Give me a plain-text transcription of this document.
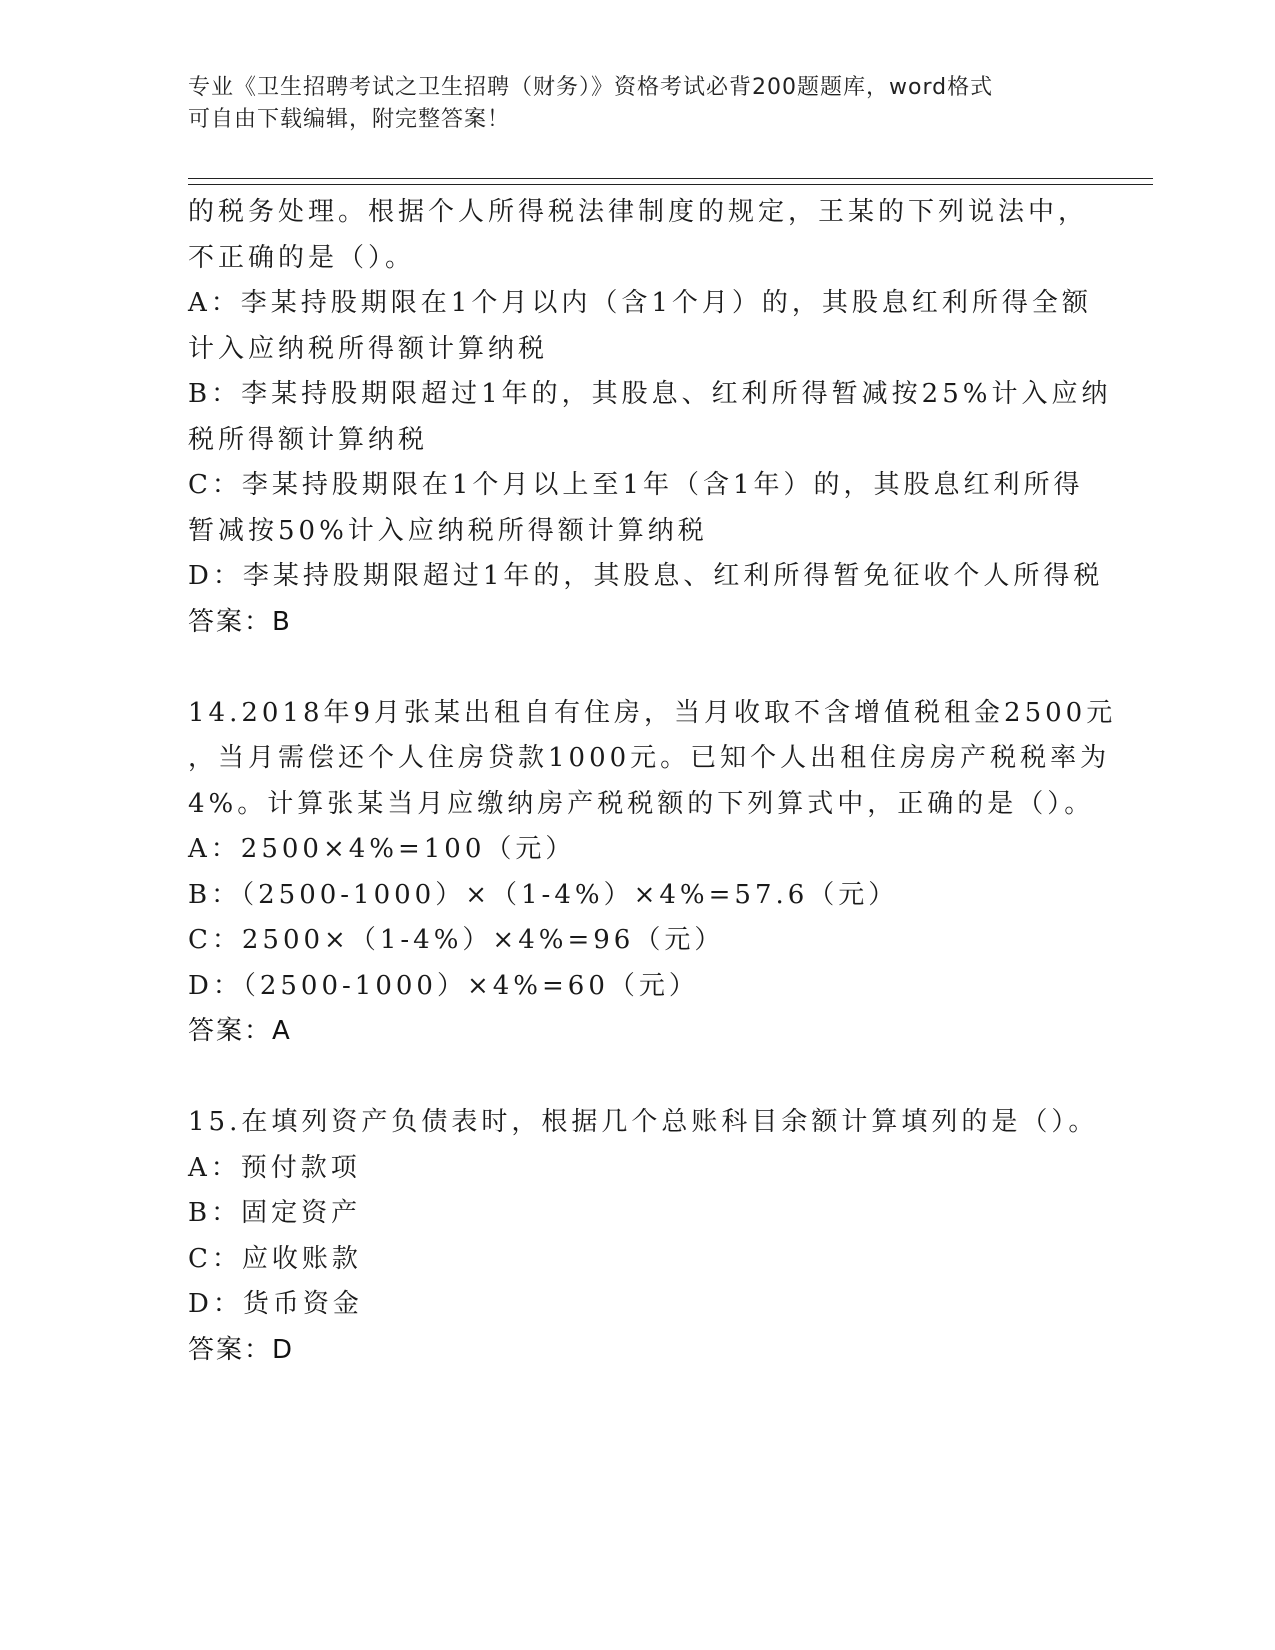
专业《卫生招聘考试之卫生招聘（财务）》资格考试必背200题题库，word格式
可自由下载编辑，附完整答案！
的税务处理。根据个人所得税法律制度的规定，王某的下列说法中，
不正确的是（）。
A：李某持股期限在1个月以内（含1个月）的，其股息红利所得全额
计入应纳税所得额计算纳税
B：李某持股期限超过1年的，其股息、红利所得暂减按25%计入应纳
税所得额计算纳税
C：李某持股期限在1个月以上至1年（含1年）的，其股息红利所得
暂减按50%计入应纳税所得额计算纳税
D：李某持股期限超过1年的，其股息、红利所得暂免征收个人所得税
答案：B
14.2018年9月张某出租自有住房，当月收取不含增值税租金2500元
，当月需偿还个人住房贷款1000元。已知个人出租住房房产税税率为
4%。计算张某当月应缴纳房产税税额的下列算式中，正确的是（）。
A：2500×4%=100（元）
B：（2500-1000）×（1-4%）×4%=57.6（元）
C：2500×（1-4%）×4%=96（元）
D：（2500-1000）×4%=60（元）
答案：A
15.在填列资产负债表时，根据几个总账科目余额计算填列的是（）。
A：预付款项
B：固定资产
C：应收账款
D：货币资金
答案：D
